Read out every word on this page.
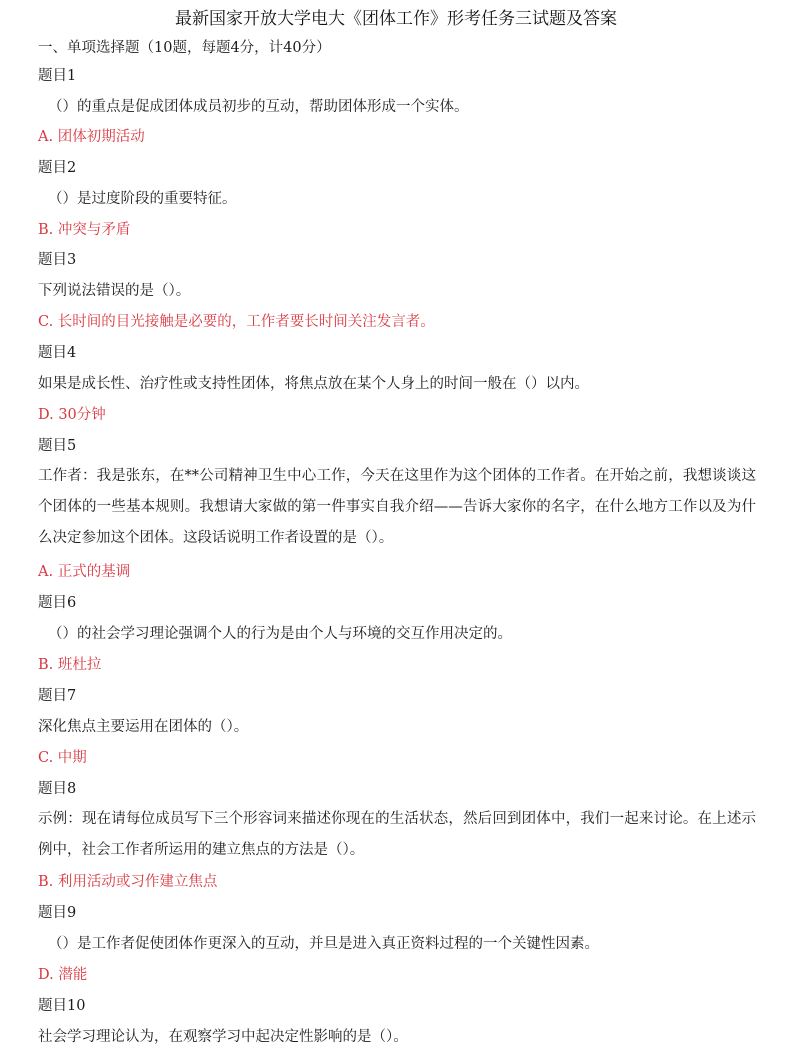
最新国家开放大学电大《团体工作》形考任务三试题及答案
一、单项选择题（10题，每题4分，计40分）
题目1
（）的重点是促成团体成员初步的互动，帮助团体形成一个实体。
A. 团体初期活动
题目2
（）是过度阶段的重要特征。
B. 冲突与矛盾
题目3
下列说法错误的是（）。
C. 长时间的目光接触是必要的，工作者要长时间关注发言者。
题目4
如果是成长性、治疗性或支持性团体，将焦点放在某个人身上的时间一般在（）以内。
D. 30分钟
题目5
工作者：我是张东，在**公司精神卫生中心工作，今天在这里作为这个团体的工作者。在开始之前，我想谈谈这个团体的一些基本规则。我想请大家做的第一件事实自我介绍——告诉大家你的名字，在什么地方工作以及为什么决定参加这个团体。这段话说明工作者设置的是（）。
A. 正式的基调
题目6
（）的社会学习理论强调个人的行为是由个人与环境的交互作用决定的。
B. 班杜拉
题目7
深化焦点主要运用在团体的（）。
C. 中期
题目8
示例：现在请每位成员写下三个形容词来描述你现在的生活状态，然后回到团体中，我们一起来讨论。在上述示例中，社会工作者所运用的建立焦点的方法是（）。
B. 利用活动或习作建立焦点
题目9
（）是工作者促使团体作更深入的互动，并旦是进入真正资料过程的一个关键性因素。
D. 潜能
题目10
社会学习理论认为，在观察学习中起决定性影响的是（）。
